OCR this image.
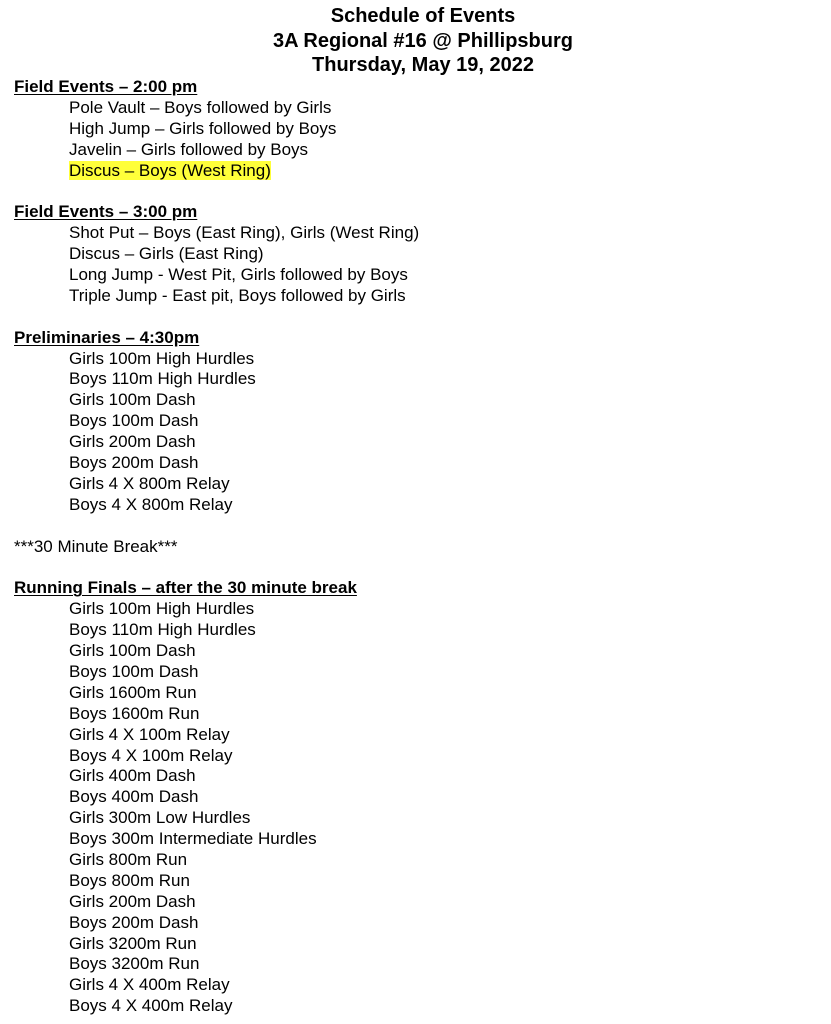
Schedule of Events
3A Regional #16 @ Phillipsburg
Thursday, May 19, 2022
Field Events – 2:00 pm
Pole Vault – Boys followed by Girls
High Jump – Girls followed by Boys
Javelin – Girls followed by Boys
Discus – Boys (West Ring)
Field Events – 3:00 pm
Shot Put – Boys (East Ring), Girls (West Ring)
Discus – Girls (East Ring)
Long Jump - West Pit, Girls followed by Boys
Triple Jump - East pit, Boys followed by Girls
Preliminaries – 4:30pm
Girls 100m High Hurdles
Boys 110m High Hurdles
Girls 100m Dash
Boys 100m Dash
Girls 200m Dash
Boys 200m Dash
Girls 4 X 800m Relay
Boys 4 X 800m Relay
***30 Minute Break***
Running Finals – after the 30 minute break
Girls 100m High Hurdles
Boys 110m High Hurdles
Girls 100m Dash
Boys 100m Dash
Girls 1600m Run
Boys 1600m Run
Girls 4 X 100m Relay
Boys 4 X 100m Relay
Girls 400m Dash
Boys 400m Dash
Girls 300m Low Hurdles
Boys 300m Intermediate Hurdles
Girls 800m Run
Boys 800m Run
Girls 200m Dash
Boys 200m Dash
Girls 3200m Run
Boys 3200m Run
Girls 4 X 400m Relay
Boys 4 X 400m Relay
